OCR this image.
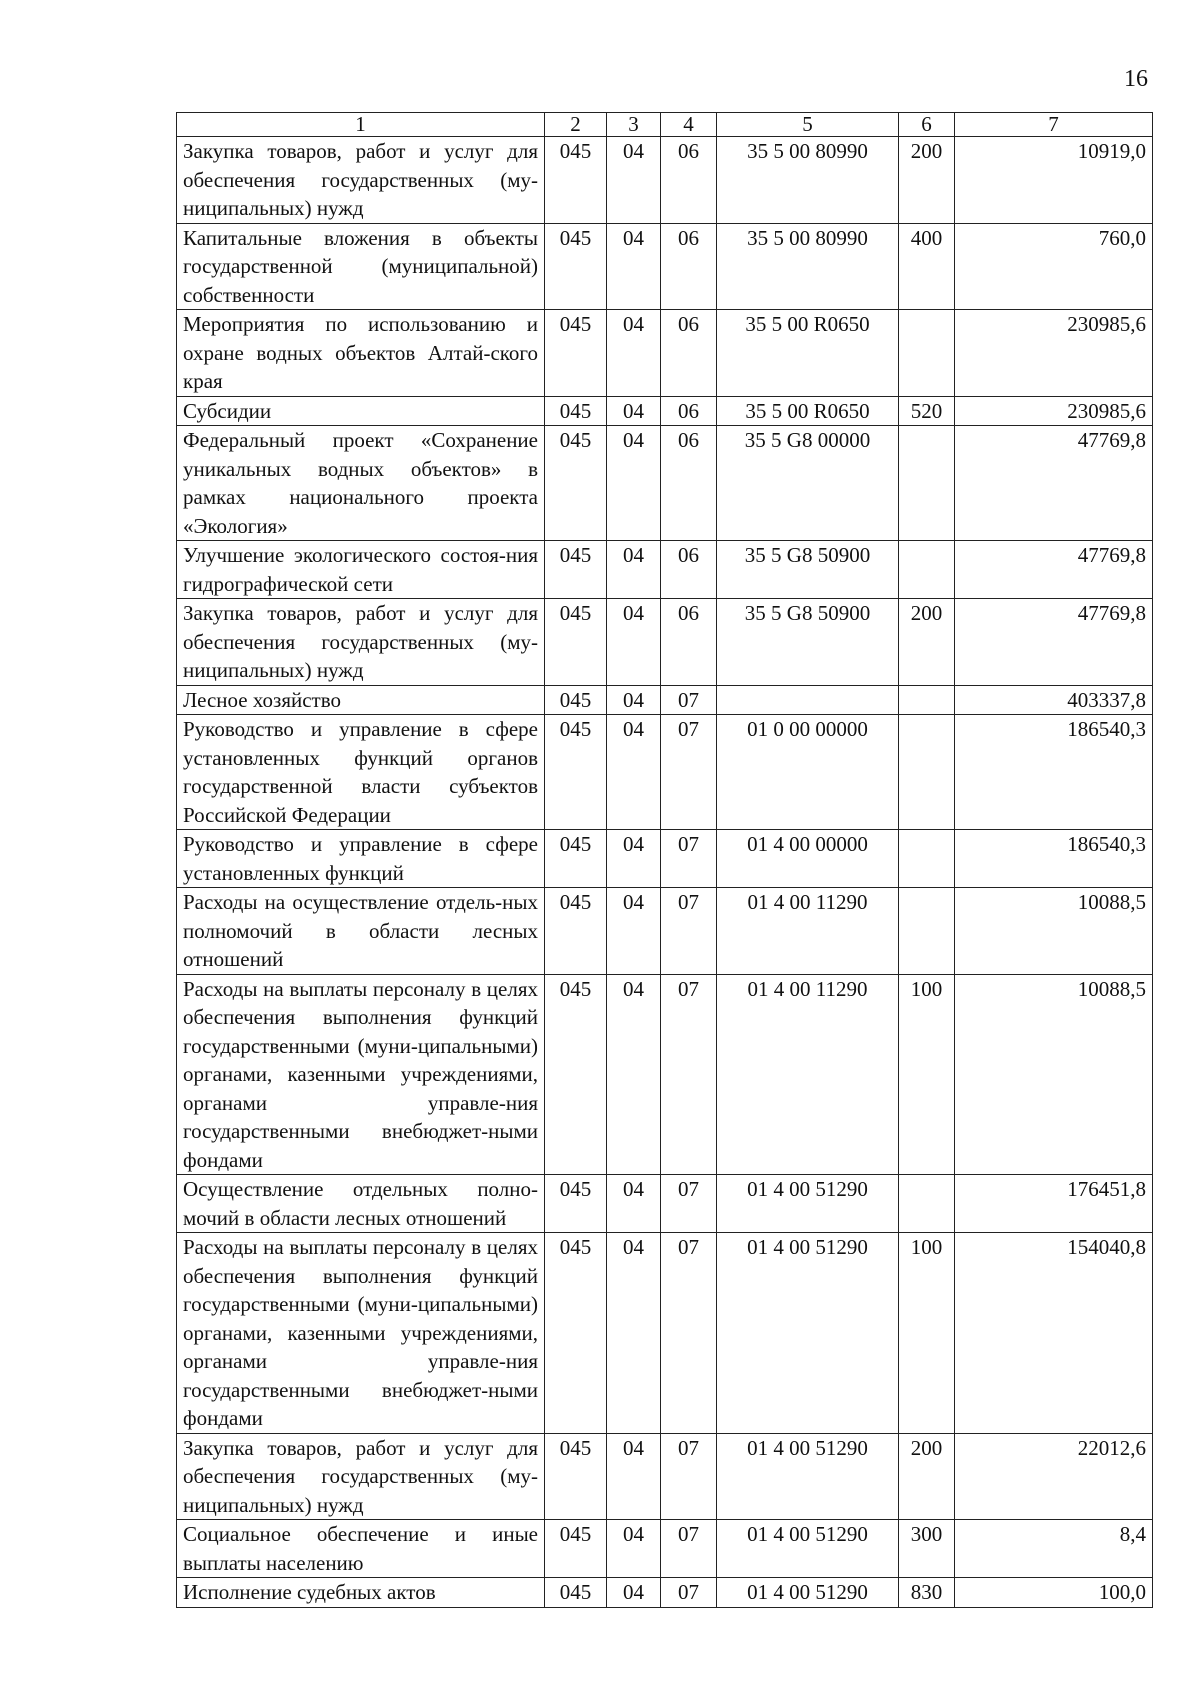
16
1	2	3	4	5	6	7
Закупка товаров, работ и услуг для обеспечения государственных (му-ниципальных) нужд	045	04	06	35 5 00 80990	200	10919,0
Капитальные вложения в объекты государственной (муниципальной) собственности	045	04	06	35 5 00 80990	400	760,0
Мероприятия по использованию и охране водных объектов Алтай-ского края	045	04	06	35 5 00 R0650		230985,6
Субсидии	045	04	06	35 5 00 R0650	520	230985,6
Федеральный проект «Сохранение уникальных водных объектов» в рамках национального проекта «Экология»	045	04	06	35 5 G8 00000		47769,8
Улучшение экологического состоя-ния гидрографической сети	045	04	06	35 5 G8 50900		47769,8
Закупка товаров, работ и услуг для обеспечения государственных (му-ниципальных) нужд	045	04	06	35 5 G8 50900	200	47769,8
Лесное хозяйство	045	04	07			403337,8
Руководство и управление в сфере установленных функций органов государственной власти субъектов Российской Федерации	045	04	07	01 0 00 00000		186540,3
Руководство и управление в сфере установленных функций	045	04	07	01 4 00 00000		186540,3
Расходы на осуществление отдель-ных полномочий в области лесных отношений	045	04	07	01 4 00 11290		10088,5
Расходы на выплаты персоналу в целях обеспечения выполнения функций государственными (муни-ципальными) органами, казенными учреждениями, органами управле-ния государственными внебюджет-ными фондами	045	04	07	01 4 00 11290	100	10088,5
Осуществление отдельных полно-мочий в области лесных отношений	045	04	07	01 4 00 51290		176451,8
Расходы на выплаты персоналу в целях обеспечения выполнения функций государственными (муни-ципальными) органами, казенными учреждениями, органами управле-ния государственными внебюджет-ными фондами	045	04	07	01 4 00 51290	100	154040,8
Закупка товаров, работ и услуг для обеспечения государственных (му-ниципальных) нужд	045	04	07	01 4 00 51290	200	22012,6
Социальное обеспечение и иные выплаты населению	045	04	07	01 4 00 51290	300	8,4
Исполнение судебных актов	045	04	07	01 4 00 51290	830	100,0
